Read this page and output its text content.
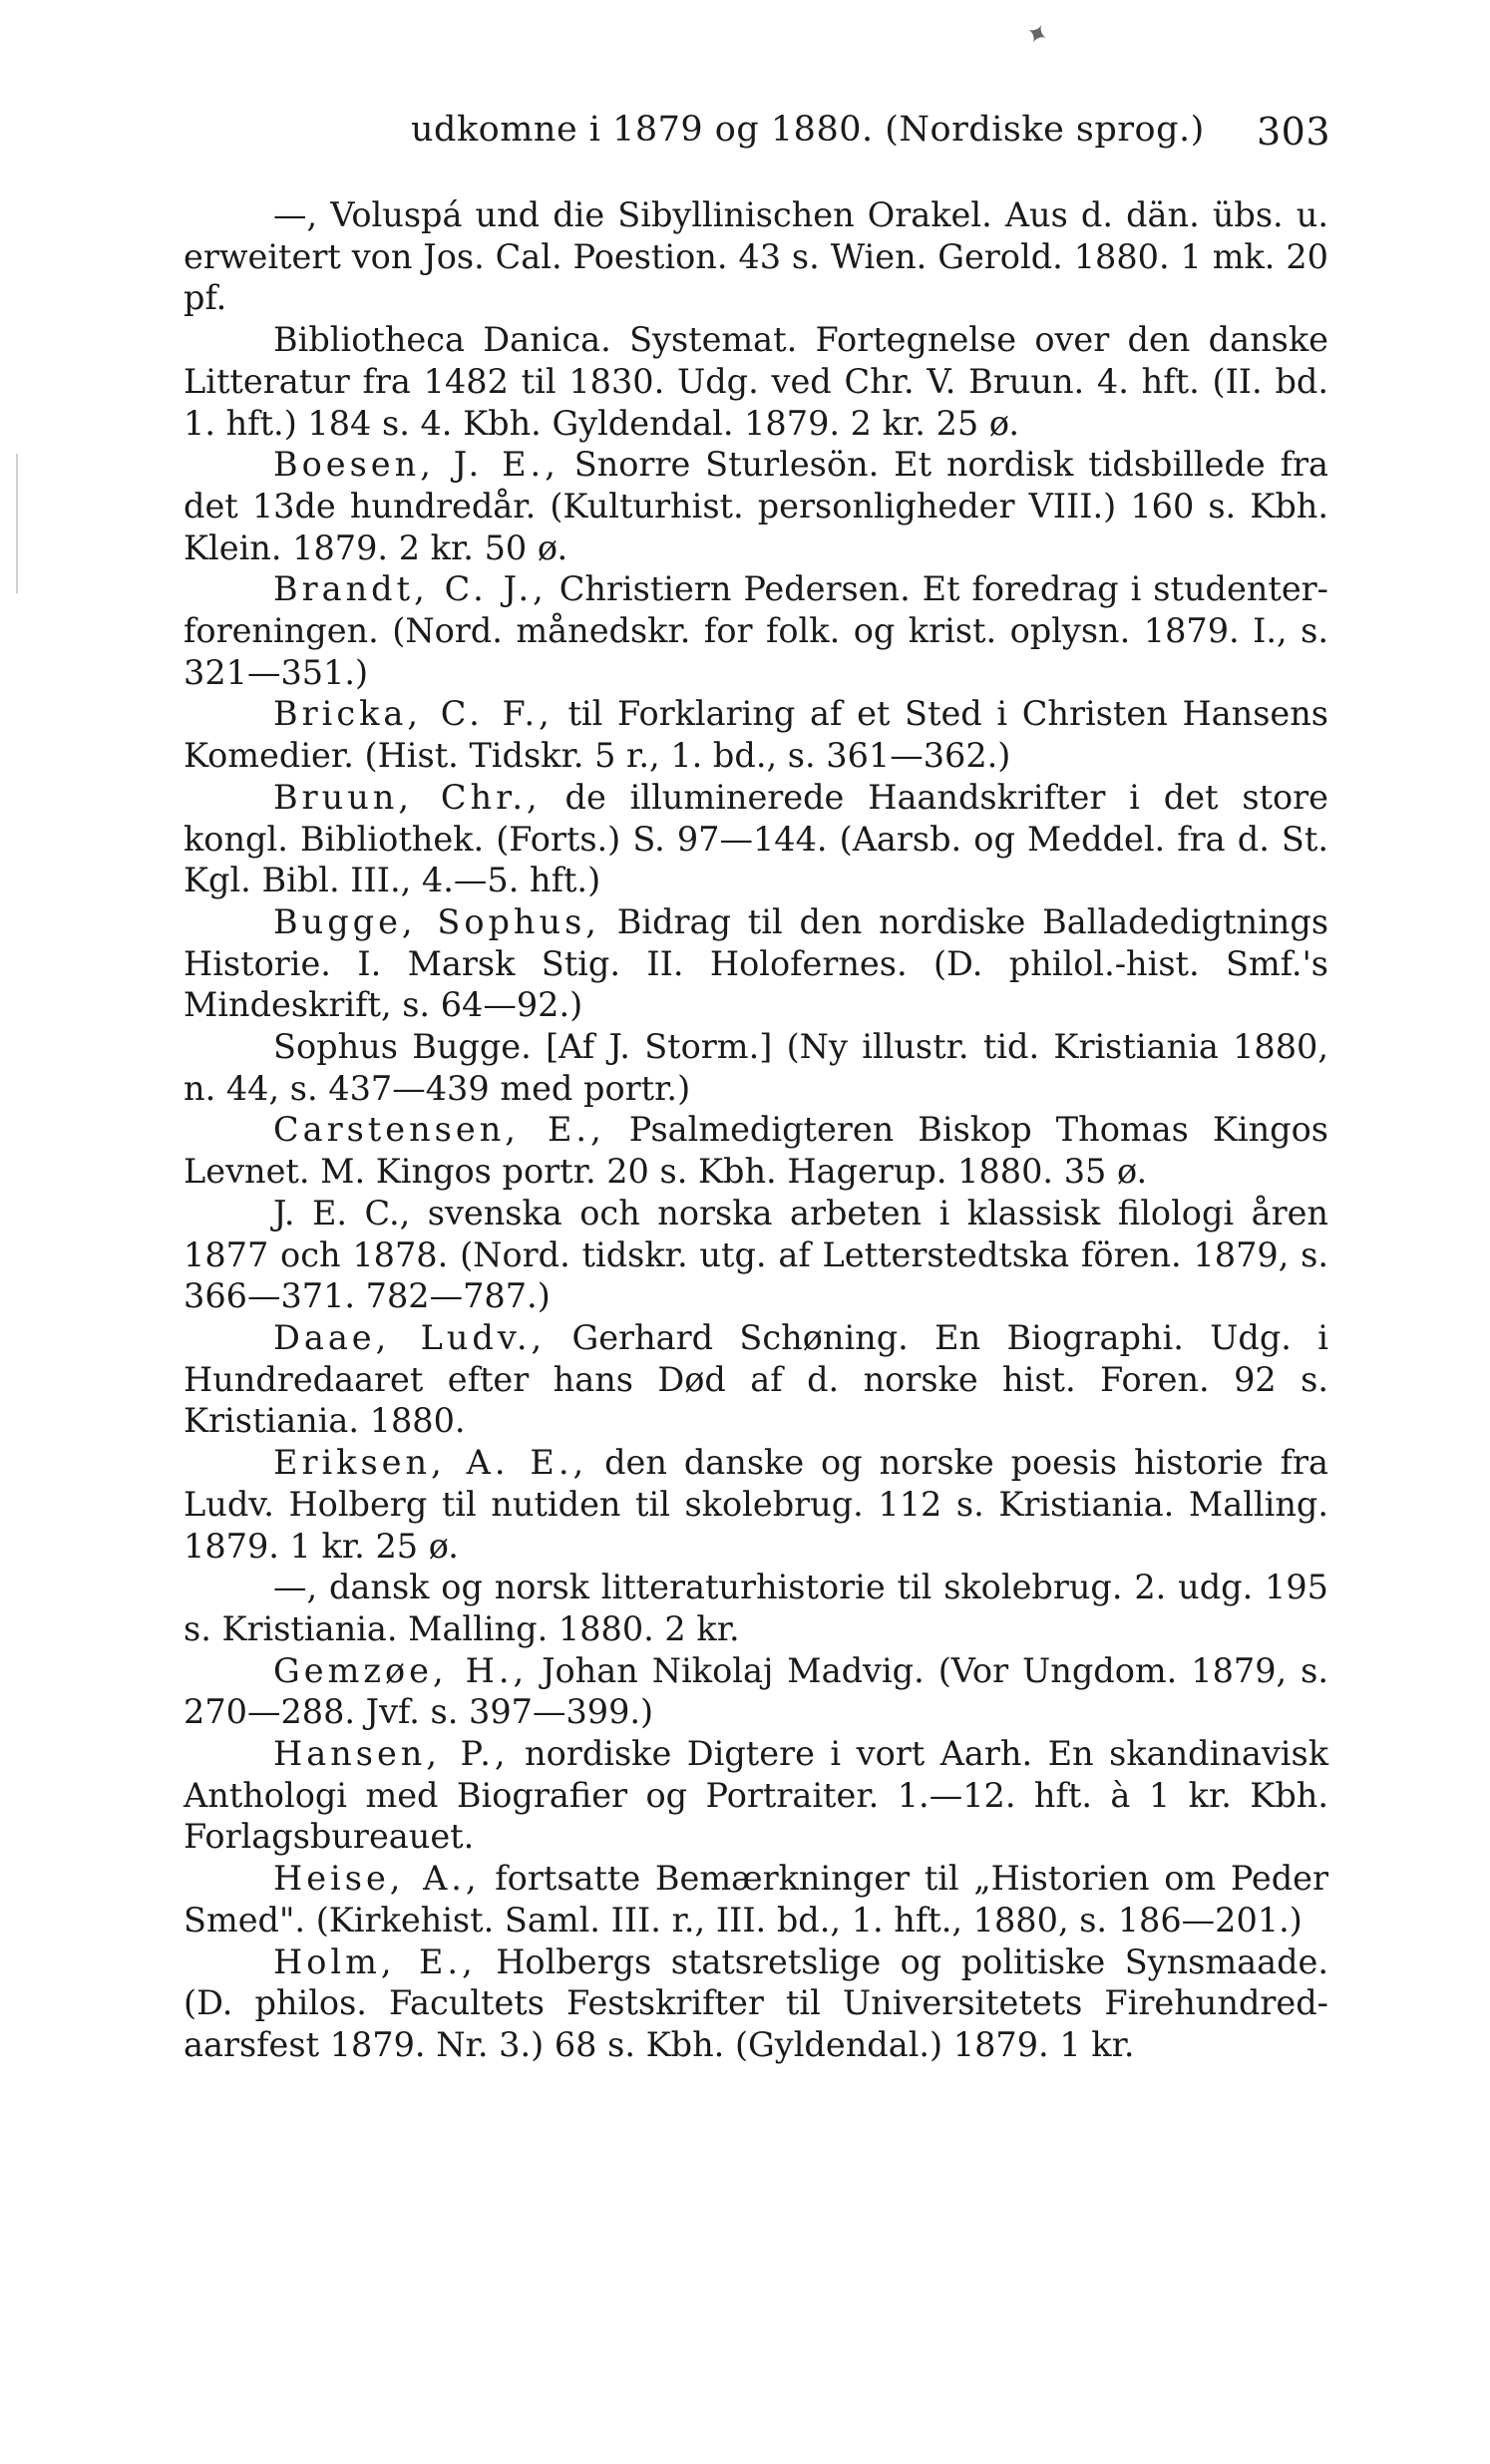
✦
udkomne i 1879 og 1880. (Nordiske sprog.) 303

—, Voluspá und die Sibyllinischen Orakel. Aus d. dän. übs. u. erweitert von Jos. Cal. Poestion. 43 s. Wien. Gerold. 1880. 1 mk. 20 pf.

Bibliotheca Danica. Systemat. Fortegnelse over den danske Litteratur fra 1482 til 1830. Udg. ved Chr. V. Bruun. 4. hft. (II. bd. 1. hft.) 184 s. 4. Kbh. Gyldendal. 1879. 2 kr. 25 ø.

Boesen, J. E., Snorre Sturlesön. Et nordisk tidsbillede fra det 13de hundredår. (Kulturhist. personligheder VIII.) 160 s. Kbh. Klein. 1879. 2 kr. 50 ø.

Brandt, C. J., Christiern Pedersen. Et foredrag i studenter-foreningen. (Nord. månedskr. for folk. og krist. oplysn. 1879. I., s. 321—351.)

Bricka, C. F., til Forklaring af et Sted i Christen Hansens Komedier. (Hist. Tidskr. 5 r., 1. bd., s. 361—362.)

Bruun, Chr., de illuminerede Haandskrifter i det store kongl. Bibliothek. (Forts.) S. 97—144. (Aarsb. og Meddel. fra d. St. Kgl. Bibl. III., 4.—5. hft.)

Bugge, Sophus, Bidrag til den nordiske Balladedigtnings Historie. I. Marsk Stig. II. Holofernes. (D. philol.-hist. Smf.'s Mindeskrift, s. 64—92.)

Sophus Bugge. [Af J. Storm.] (Ny illustr. tid. Kristiania 1880, n. 44, s. 437—439 med portr.)

Carstensen, E., Psalmedigteren Biskop Thomas Kingos Levnet. M. Kingos portr. 20 s. Kbh. Hagerup. 1880. 35 ø.

J. E. C., svenska och norska arbeten i klassisk filologi åren 1877 och 1878. (Nord. tidskr. utg. af Letterstedtska fören. 1879, s. 366—371. 782—787.)

Daae, Ludv., Gerhard Schøning. En Biographi. Udg. i Hundredaaret efter hans Død af d. norske hist. Foren. 92 s. Kristiania. 1880.

Eriksen, A. E., den danske og norske poesis historie fra Ludv. Holberg til nutiden til skolebrug. 112 s. Kristiania. Malling. 1879. 1 kr. 25 ø.

—, dansk og norsk litteraturhistorie til skolebrug. 2. udg. 195 s. Kristiania. Malling. 1880. 2 kr.

Gemzøe, H., Johan Nikolaj Madvig. (Vor Ungdom. 1879, s. 270—288. Jvf. s. 397—399.)

Hansen, P., nordiske Digtere i vort Aarh. En skandinavisk Anthologi med Biografier og Portraiter. 1.—12. hft. à 1 kr. Kbh. Forlagsbureauet.

Heise, A., fortsatte Bemærkninger til „Historien om Peder Smed". (Kirkehist. Saml. III. r., III. bd., 1. hft., 1880, s. 186—201.)

Holm, E., Holbergs statsretslige og politiske Synsmaade. (D. philos. Facultets Festskrifter til Universitetets Firehundred-aarsfest 1879. Nr. 3.) 68 s. Kbh. (Gyldendal.) 1879. 1 kr.
